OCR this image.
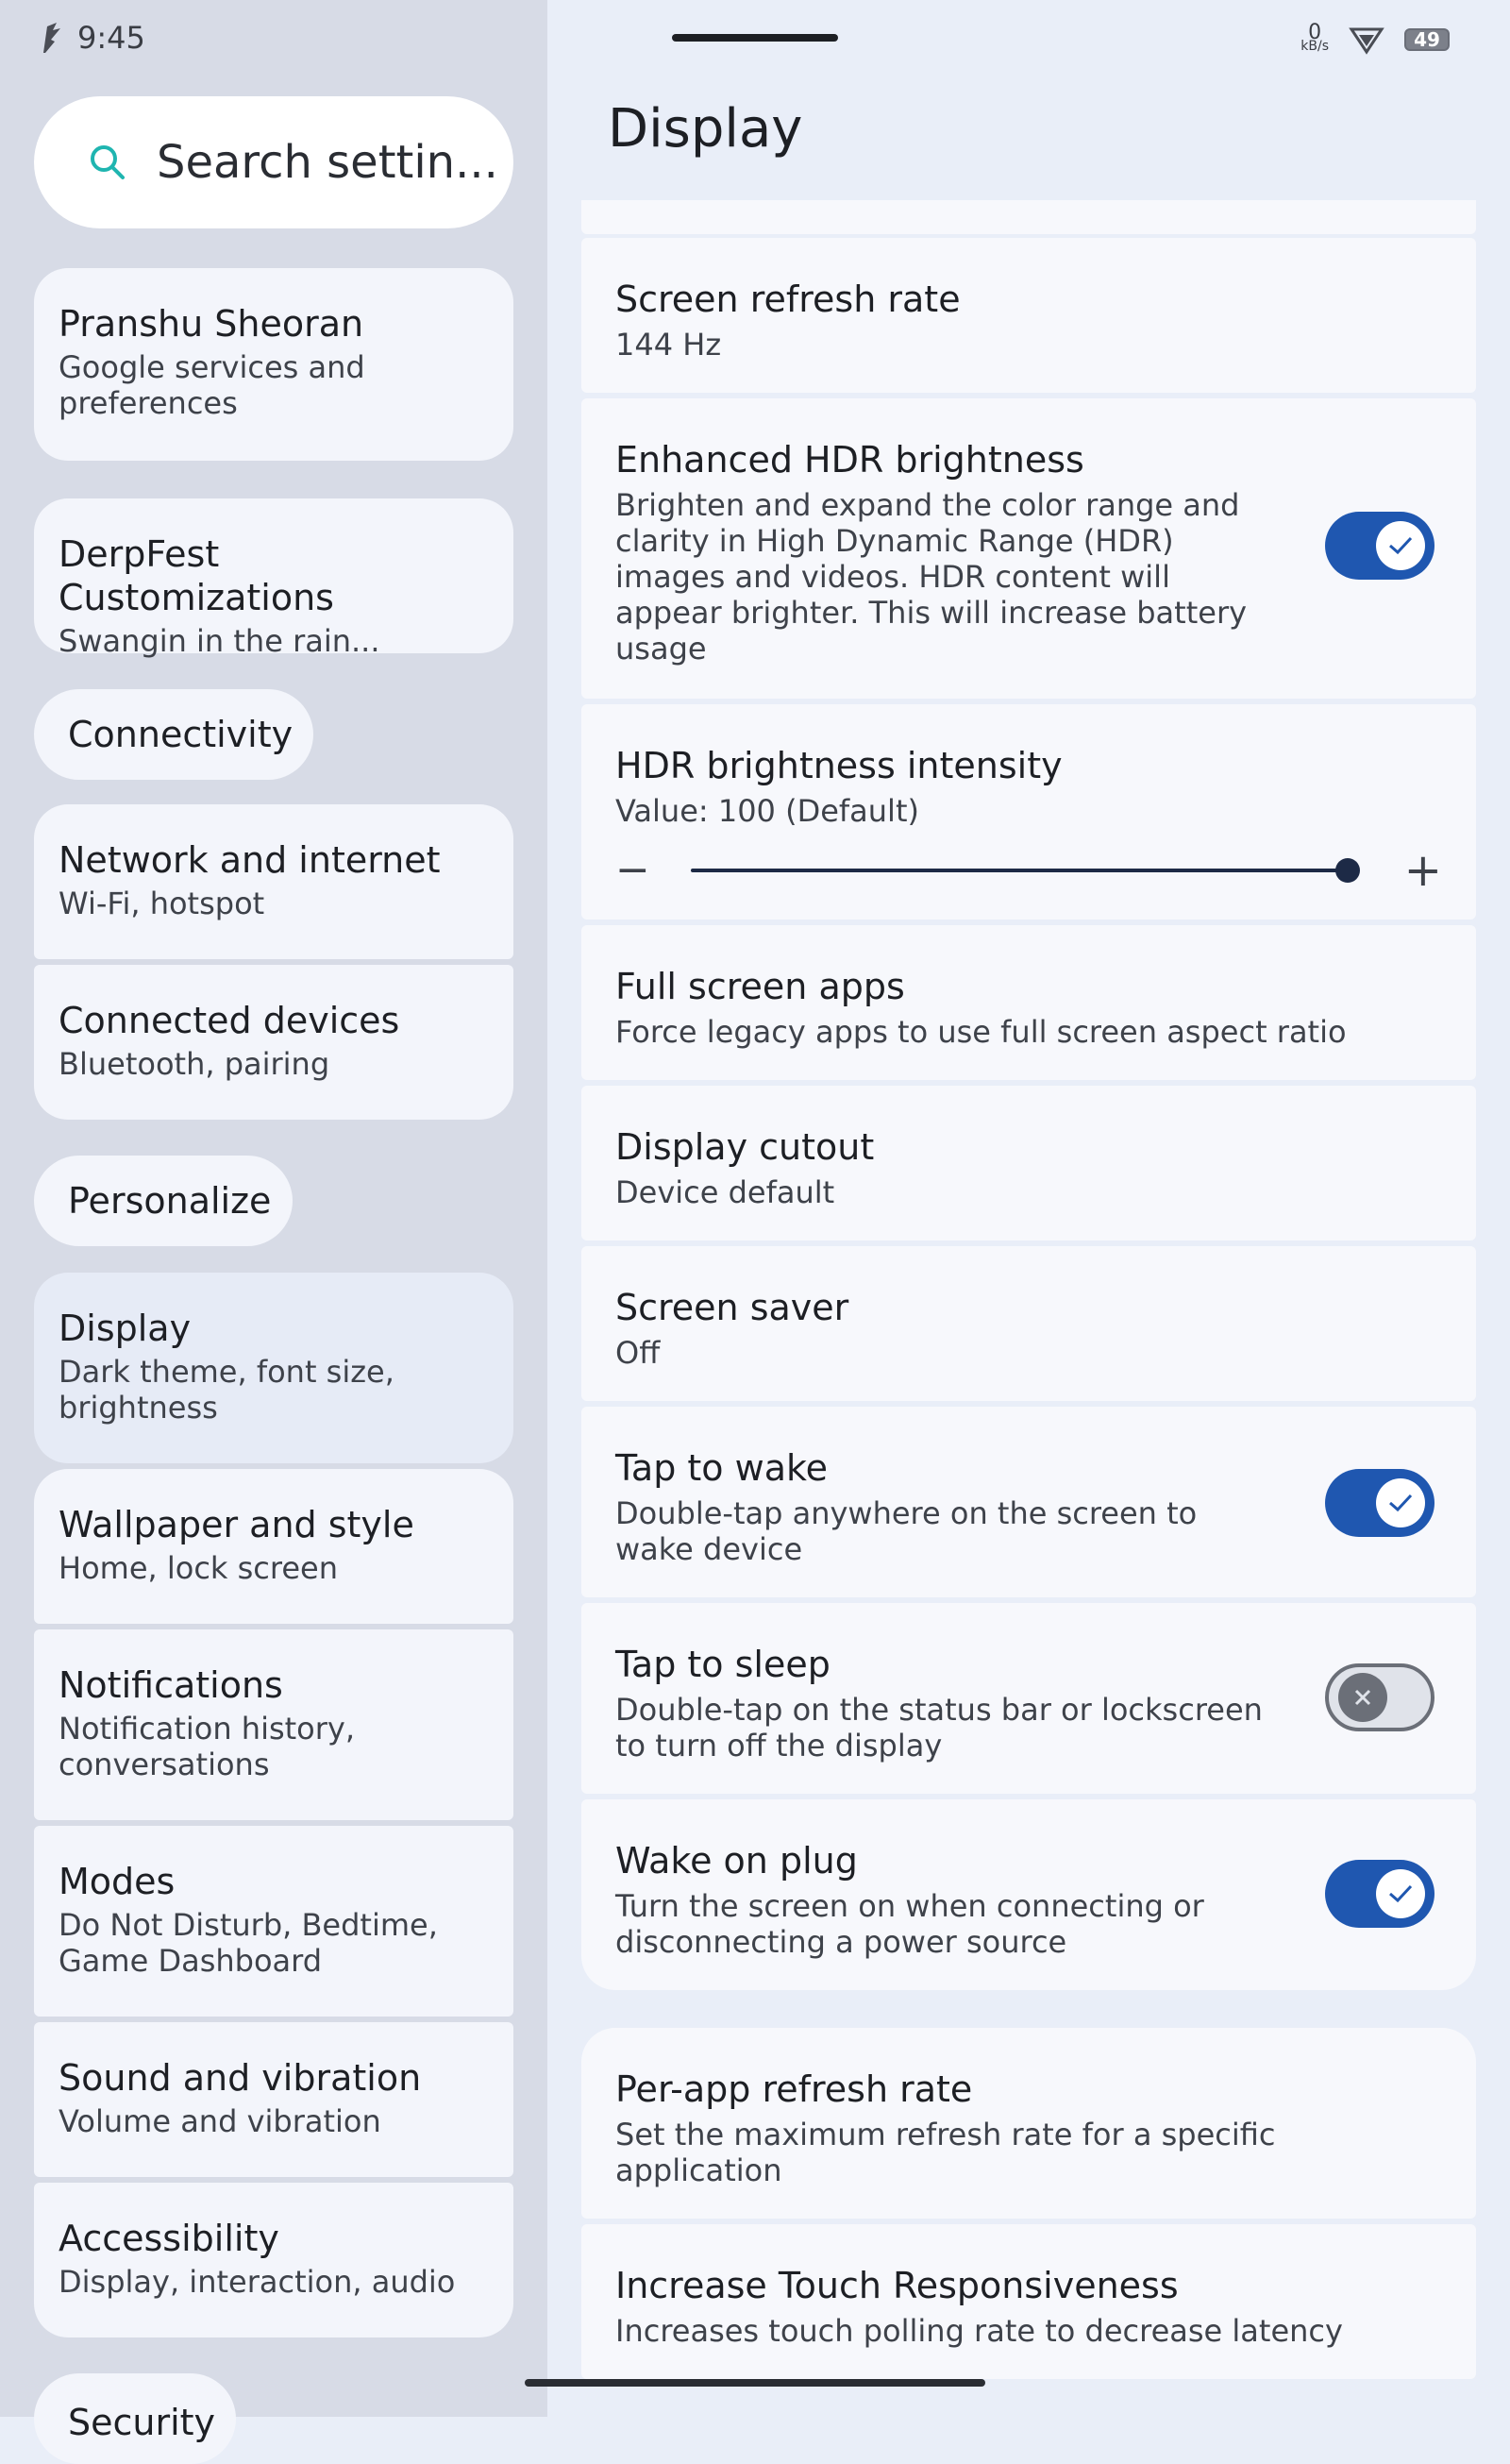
9:45	0
kB/s	49
Search settin...
Pranshu Sheoran
Google services and preferences
DerpFest Customizations
Swangin in the rain...
Connectivity
Network and internet
Wi-Fi, hotspot
Connected devices
Bluetooth, pairing
Personalize
Display
Dark theme, font size, brightness
Wallpaper and style
Home, lock screen
Notifications
Notification history, conversations
Modes
Do Not Disturb, Bedtime, Game Dashboard
Sound and vibration
Volume and vibration
Accessibility
Display, interaction, audio
Security
Display
Screen refresh rate
144 Hz
Enhanced HDR brightness
Brighten and expand the color range and clarity in High Dynamic Range (HDR) images and videos. HDR content will appear brighter. This will increase battery usage
HDR brightness intensity
Value: 100 (Default)
−	+
Full screen apps
Force legacy apps to use full screen aspect ratio
Display cutout
Device default
Screen saver
Off
Tap to wake
Double-tap anywhere on the screen to wake device
Tap to sleep
Double-tap on the status bar or lockscreen to turn off the display
Wake on plug
Turn the screen on when connecting or disconnecting a power source
Per-app refresh rate
Set the maximum refresh rate for a specific application
Increase Touch Responsiveness
Increases touch polling rate to decrease latency
